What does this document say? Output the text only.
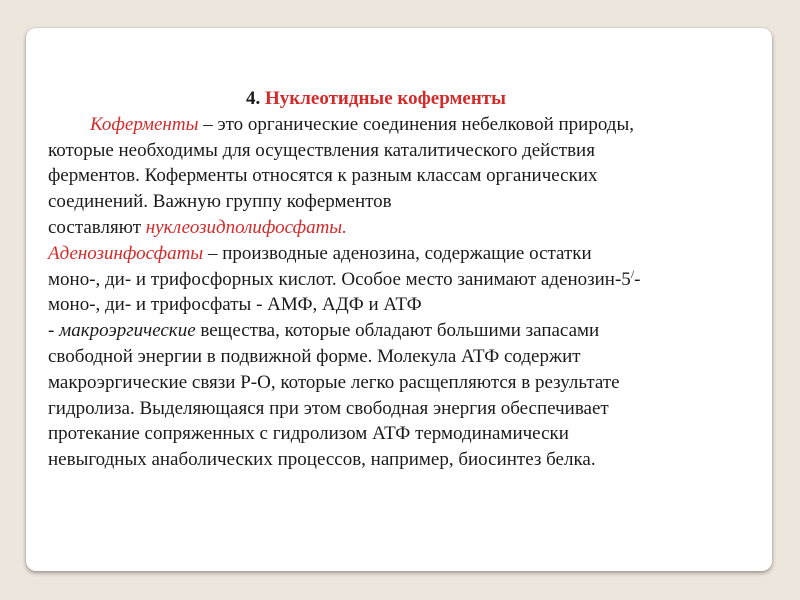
4. Нуклеотидные коферменты
Коферменты – это органические соединения небелковой природы,
которые необходимы для осуществления каталитического действия
ферментов. Коферменты относятся к разным классам органических
соединений. Важную группу коферментов
составляют нуклеозидполифосфаты.
Аденозинфосфаты – производные аденозина, содержащие остатки
моно-, ди- и трифосфорных кислот. Особое место занимают аденозин-5/-
моно-, ди- и трифосфаты - АМФ, АДФ и АТФ
- макроэргические вещества, которые обладают большими запасами
свободной энергии в подвижной форме. Молекула АТФ содержит
макроэргические связи Р-О, которые легко расщепляются в результате
гидролиза. Выделяющаяся при этом свободная энергия обеспечивает
протекание сопряженных с гидролизом АТФ термодинамически
невыгодных анаболических процессов, например, биосинтез белка.
